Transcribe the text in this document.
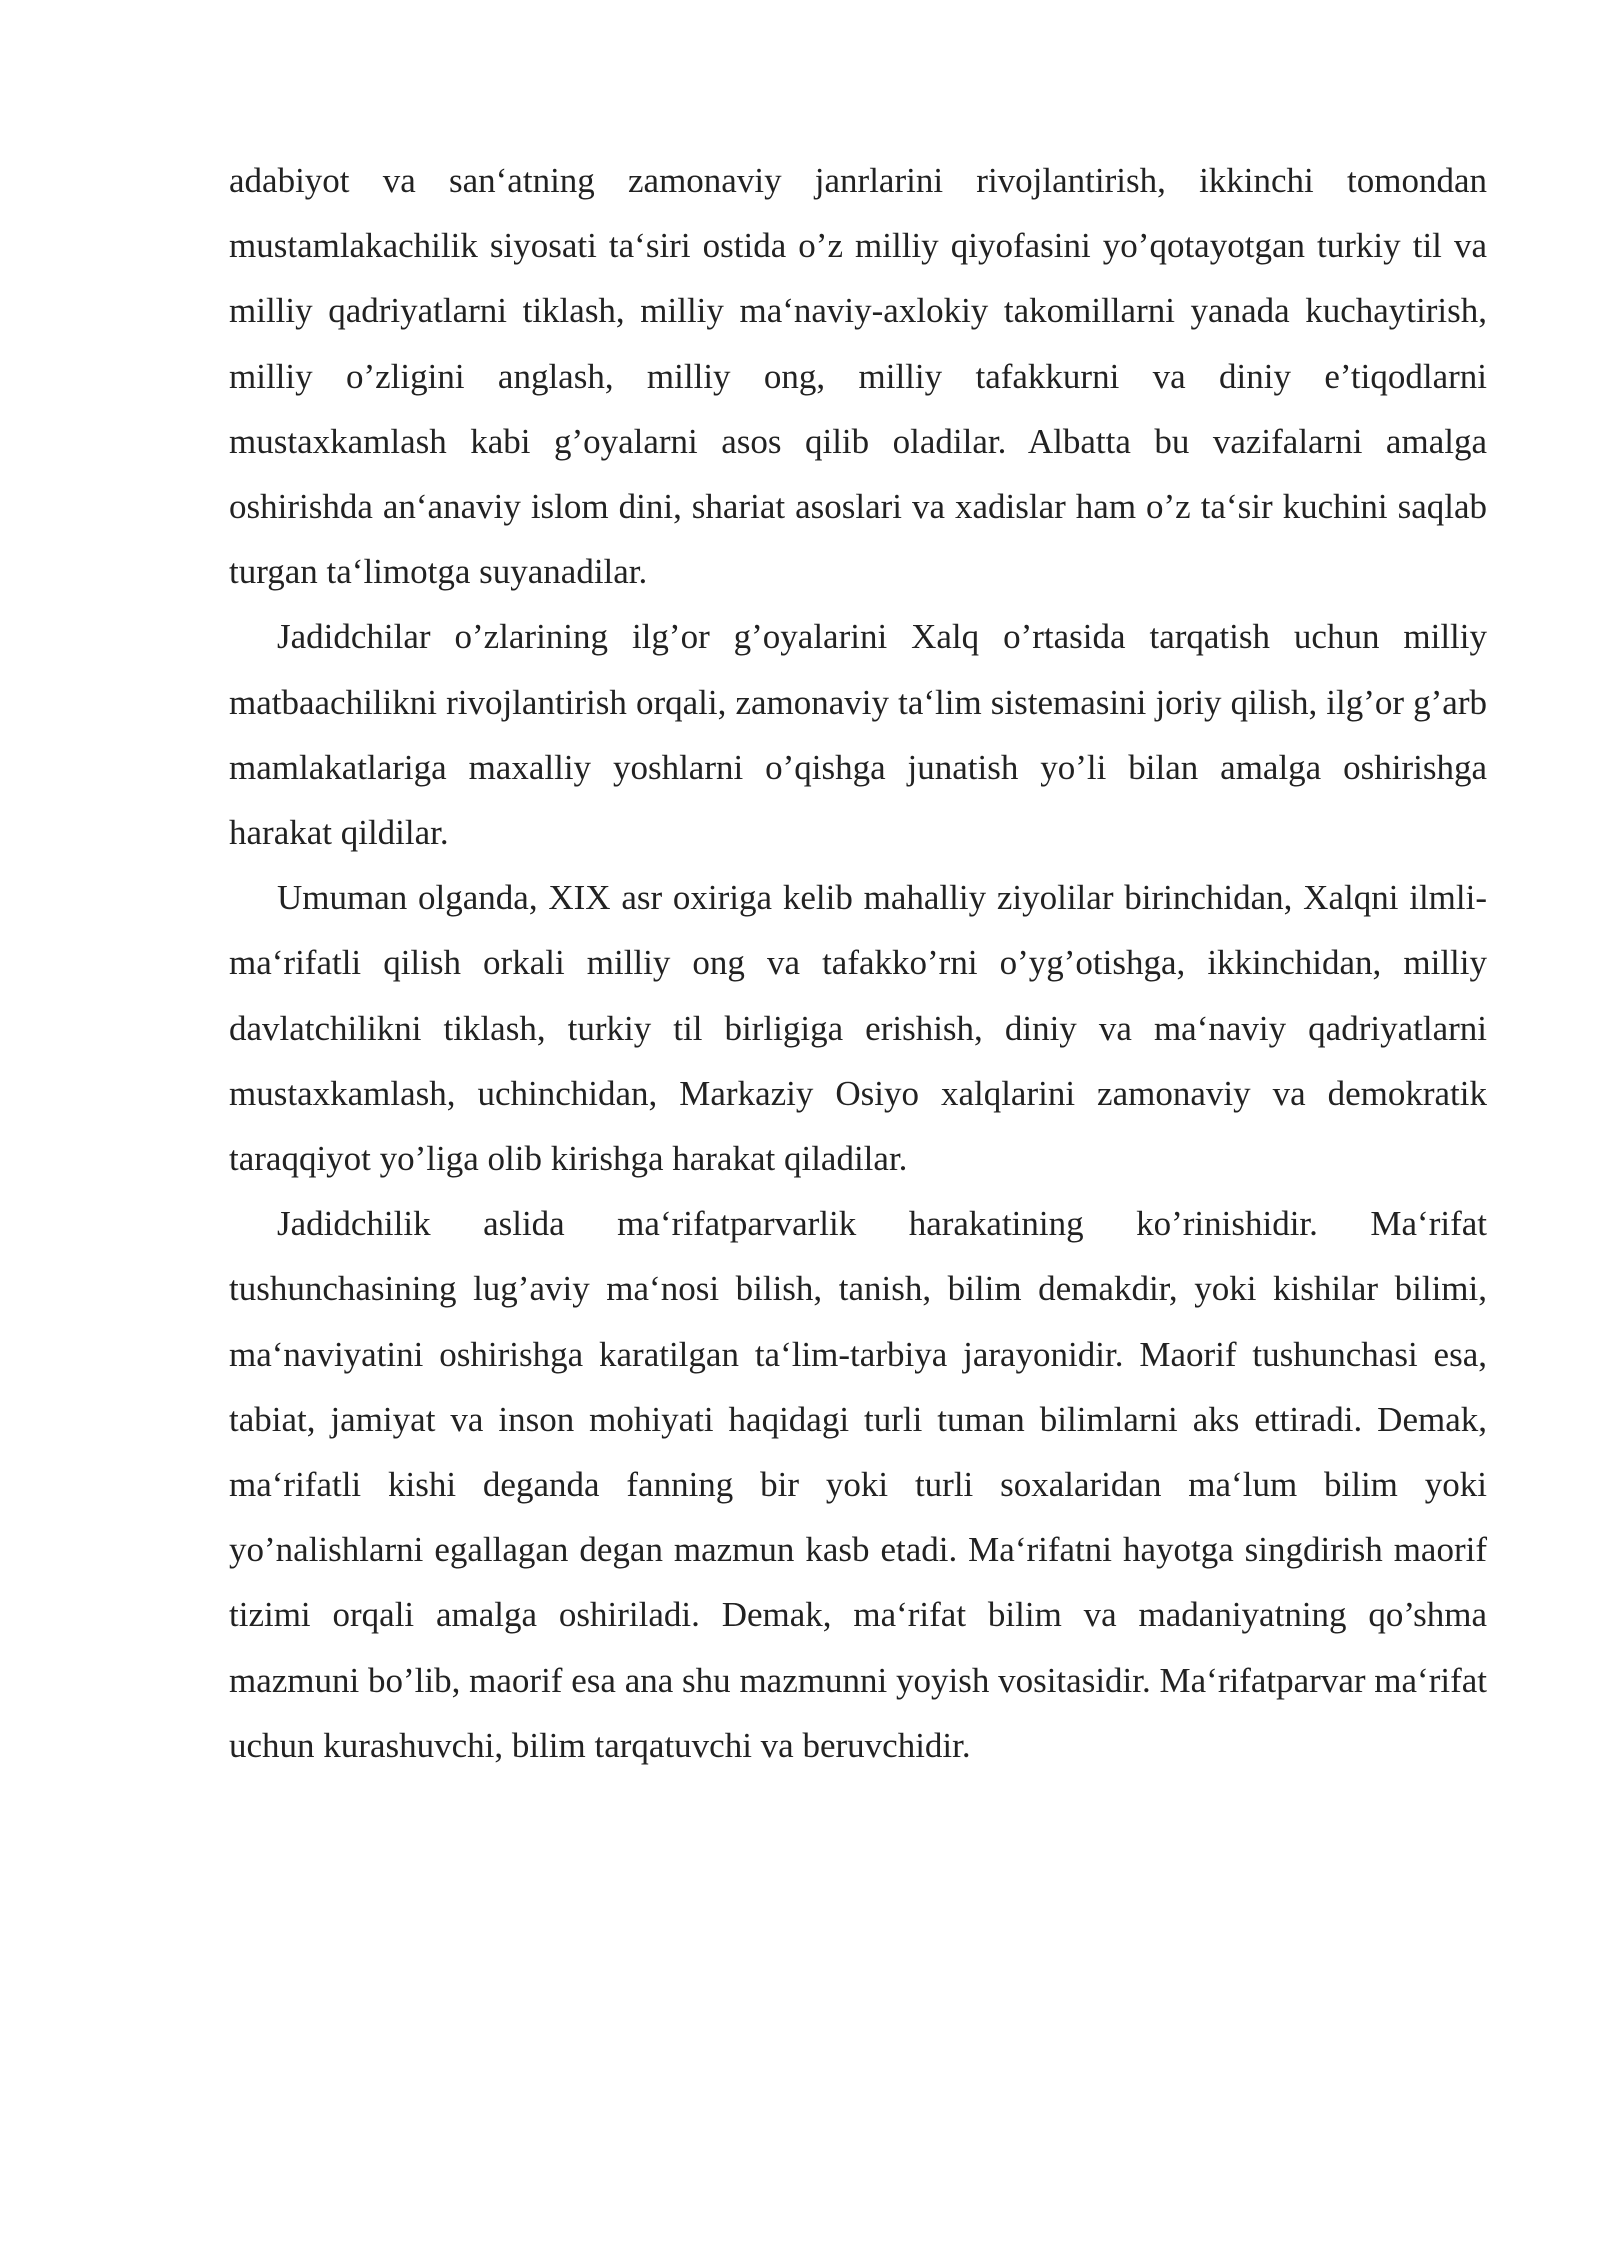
adabiyot va san‘atning zamonaviy janrlarini rivojlantirish, ikkinchi tomondan mustamlakachilik siyosati ta‘siri ostida o’z milliy qiyofasini yo’qotayotgan turkiy til va milliy qadriyatlarni tiklash, milliy ma‘naviy-axlokiy takomillarni yanada kuchaytirish, milliy o’zligini anglash, milliy ong, milliy tafakkurni va diniy e’tiqodlarni mustaxkamlash kabi g’oyalarni asos qilib oladilar. Albatta bu vazifalarni amalga oshirishda an‘anaviy islom dini, shariat asoslari va xadislar ham o’z ta‘sir kuchini saqlab turgan ta‘limotga suyanadilar.

Jadidchilar o’zlarining ilg’or g’oyalarini Xalq o’rtasida tarqatish uchun milliy matbaachilikni rivojlantirish orqali, zamonaviy ta‘lim sistemasini joriy qilish, ilg’or g’arb mamlakatlariga maxalliy yoshlarni o’qishga junatish yo’li bilan amalga oshirishga harakat qildilar.

Umuman olganda, XIX asr oxiriga kelib mahalliy ziyolilar birinchidan, Xalqni ilmli-ma‘rifatli qilish orkali milliy ong va tafakko’rni o’yg’otishga, ikkinchidan, milliy davlatchilikni tiklash, turkiy til birligiga erishish, diniy va ma‘naviy qadriyatlarni mustaxkamlash, uchinchidan, Markaziy Osiyo xalqlarini zamonaviy va demokratik taraqqiyot yo’liga olib kirishga harakat qiladilar.

Jadidchilik aslida ma‘rifatparvarlik harakatining ko’rinishidir. Ma‘rifat tushunchasining lug’aviy ma‘nosi bilish, tanish, bilim demakdir, yoki kishilar bilimi, ma‘naviyatini oshirishga karatilgan ta‘lim-tarbiya jarayonidir. Maorif tushunchasi esa, tabiat, jamiyat va inson mohiyati haqidagi turli tuman bilimlarni aks ettiradi. Demak, ma‘rifatli kishi deganda fanning bir yoki turli soxalaridan ma‘lum bilim yoki yo’nalishlarni egallagan degan mazmun kasb etadi. Ma‘rifatni hayotga singdirish maorif tizimi orqali amalga oshiriladi. Demak, ma‘rifat bilim va madaniyatning qo’shma mazmuni bo’lib, maorif esa ana shu mazmunni yoyish vositasidir. Ma‘rifatparvar ma‘rifat uchun kurashuvchi, bilim tarqatuvchi va beruvchidir.
